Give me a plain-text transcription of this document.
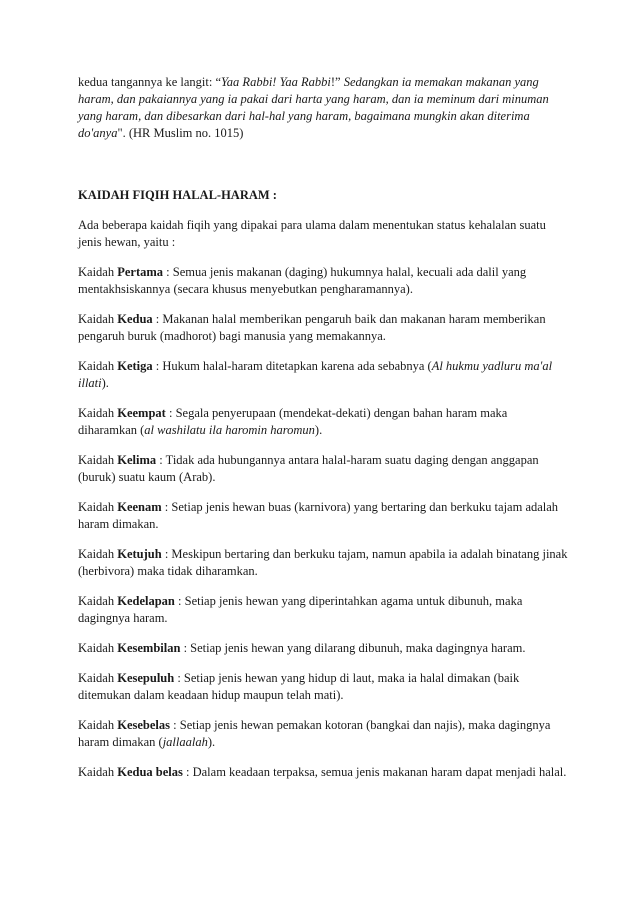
kedua tangannya ke langit: “Yaa Rabbi! Yaa Rabbi!” Sedangkan ia memakan makanan yang haram, dan pakaiannya yang ia pakai dari harta yang haram, dan ia meminum dari minuman yang haram, dan dibesarkan dari hal-hal yang haram, bagaimana mungkin akan diterima do'anya". (HR Muslim no. 1015)

KAIDAH FIQIH HALAL-HARAM :

Ada beberapa kaidah fiqih yang dipakai para ulama dalam menentukan status kehalalan suatu jenis hewan, yaitu :

Kaidah Pertama : Semua jenis makanan (daging) hukumnya halal, kecuali ada dalil yang mentakhsiskannya (secara khusus menyebutkan pengharamannya).

Kaidah Kedua : Makanan halal memberikan pengaruh baik dan makanan haram memberikan pengaruh buruk (madhorot) bagi manusia yang memakannya.

Kaidah Ketiga : Hukum halal-haram ditetapkan karena ada sebabnya (Al hukmu yadluru ma'al illati).

Kaidah Keempat : Segala penyerupaan (mendekat-dekati) dengan bahan haram maka diharamkan (al washilatu ila haromin haromun).

Kaidah Kelima : Tidak ada hubungannya antara halal-haram suatu daging dengan anggapan (buruk) suatu kaum (Arab).

Kaidah Keenam : Setiap jenis hewan buas (karnivora) yang bertaring dan berkuku tajam adalah haram dimakan.

Kaidah Ketujuh : Meskipun bertaring dan berkuku tajam, namun apabila ia adalah binatang jinak (herbivora) maka tidak diharamkan.

Kaidah Kedelapan : Setiap jenis hewan yang diperintahkan agama untuk dibunuh, maka dagingnya haram.

Kaidah Kesembilan : Setiap jenis hewan yang dilarang dibunuh, maka dagingnya haram.

Kaidah Kesepuluh : Setiap jenis hewan yang hidup di laut, maka ia halal dimakan (baik ditemukan dalam keadaan hidup maupun telah mati).

Kaidah Kesebelas : Setiap jenis hewan pemakan kotoran (bangkai dan najis), maka dagingnya haram dimakan (jallaalah).

Kaidah Kedua belas : Dalam keadaan terpaksa, semua jenis makanan haram dapat menjadi halal.
